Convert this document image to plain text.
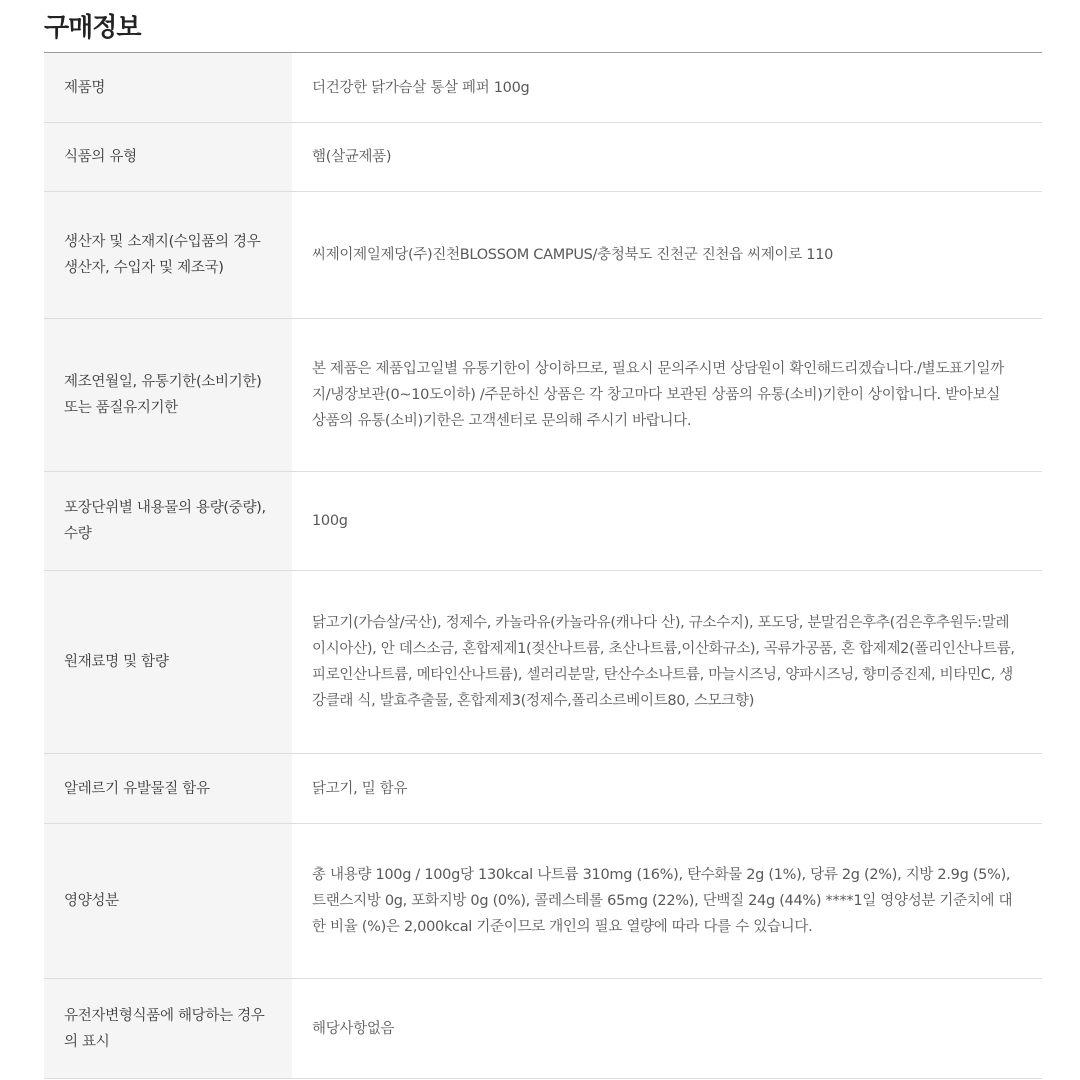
구매정보
제품명	더건강한 닭가슴살 통살 페퍼 100g
식품의 유형	햄(살균제품)
생산자 및 소재지(수입품의 경우 생산자, 수입자 및 제조국)	씨제이제일제당(주)진천BLOSSOM CAMPUS/충청북도 진천군 진천읍 씨제이로 110
제조연월일, 유통기한(소비기한) 또는 품질유지기한	본 제품은 제품입고일별 유통기한이 상이하므로, 필요시 문의주시면 상담원이 확인해드리겠습니다./별도표기일까지/냉장보관(0~10도이하) /주문하신 상품은 각 창고마다 보관된 상품의 유통(소비)기한이 상이합니다. 받아보실 상품의 유통(소비)기한은 고객센터로 문의해 주시기 바랍니다.
포장단위별 내용물의 용량(중량), 수량	100g
원재료명 및 함량	닭고기(가슴살/국산), 정제수, 카놀라유(카놀라유(캐나다 산), 규소수지), 포도당, 분말검은후추(검은후추원두:말레이시아산), 안 데스소금, 혼합제제1(젖산나트륨, 초산나트륨,이산화규소), 곡류가공품, 혼 합제제2(폴리인산나트륨, 피로인산나트륨, 메타인산나트륨), 셀러리분말, 탄산수소나트륨, 마늘시즈닝, 양파시즈닝, 향미증진제, 비타민C, 생강클래 식, 발효추출물, 혼합제제3(정제수,폴리소르베이트80, 스모크향)
알레르기 유발물질 함유	닭고기, 밀 함유
영양성분	총 내용량 100g / 100g당 130kcal 나트륨 310mg (16%), 탄수화물 2g (1%), 당류 2g (2%), 지방 2.9g (5%), 트랜스지방 0g, 포화지방 0g (0%), 콜레스테롤 65mg (22%), 단백질 24g (44%) ****1일 영양성분 기준치에 대한 비율 (%)은 2,000kcal 기준이므로 개인의 필요 열량에 따라 다를 수 있습니다.
유전자변형식품에 해당하는 경우의 표시	해당사항없음
